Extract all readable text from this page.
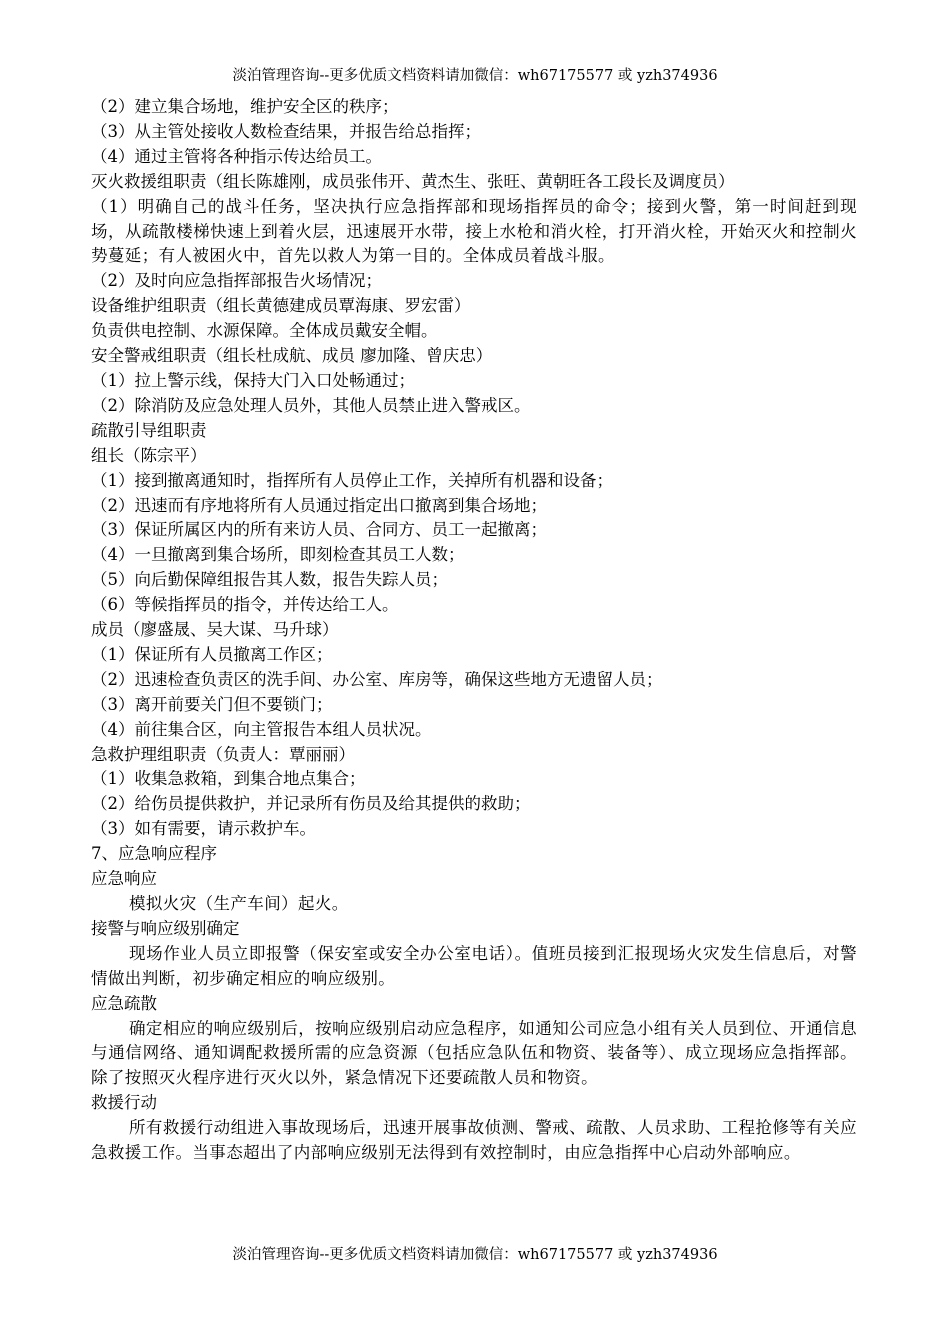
淡泊管理咨询--更多优质文档资料请加微信：wh67175577 或 yzh374936
（2）建立集合场地，维护安全区的秩序；
（3）从主管处接收人数检查结果，并报告给总指挥；
（4）通过主管将各种指示传达给员工。
灭火救援组职责（组长陈雄刚，成员张伟开、黄杰生、张旺、黄朝旺各工段长及调度员）
（1）明确自己的战斗任务，坚决执行应急指挥部和现场指挥员的命令；接到火警，第一时间赶到现场，从疏散楼梯快速上到着火层，迅速展开水带，接上水枪和消火栓，打开消火栓，开始灭火和控制火势蔓延；有人被困火中，首先以救人为第一目的。全体成员着战斗服。
（2）及时向应急指挥部报告火场情况；
设备维护组职责（组长黄德建成员覃海康、罗宏雷）
负责供电控制、水源保障。全体成员戴安全帽。
安全警戒组职责（组长杜成航、成员 廖加隆、曾庆忠）
（1）拉上警示线，保持大门入口处畅通过；
（2）除消防及应急处理人员外，其他人员禁止进入警戒区。
疏散引导组职责
组长（陈宗平）
（1）接到撤离通知时，指挥所有人员停止工作，关掉所有机器和设备；
（2）迅速而有序地将所有人员通过指定出口撤离到集合场地；
（3）保证所属区内的所有来访人员、合同方、员工一起撤离；
（4）一旦撤离到集合场所，即刻检查其员工人数；
（5）向后勤保障组报告其人数，报告失踪人员；
（6）等候指挥员的指令，并传达给工人。
成员（廖盛晟、吴大谋、马升球）
（1）保证所有人员撤离工作区；
（2）迅速检查负责区的洗手间、办公室、库房等，确保这些地方无遗留人员；
（3）离开前要关门但不要锁门；
（4）前往集合区，向主管报告本组人员状况。
急救护理组职责（负责人：覃丽丽）
（1）收集急救箱，到集合地点集合；
（2）给伤员提供救护，并记录所有伤员及给其提供的救助；
（3）如有需要，请示救护车。
7、应急响应程序
应急响应
模拟火灾（生产车间）起火。
接警与响应级别确定
现场作业人员立即报警（保安室或安全办公室电话）。值班员接到汇报现场火灾发生信息后，对警情做出判断，初步确定相应的响应级别。
应急疏散
确定相应的响应级别后，按响应级别启动应急程序，如通知公司应急小组有关人员到位、开通信息与通信网络、通知调配救援所需的应急资源（包括应急队伍和物资、装备等）、成立现场应急指挥部。除了按照灭火程序进行灭火以外，紧急情况下还要疏散人员和物资。
救援行动
所有救援行动组进入事故现场后，迅速开展事故侦测、警戒、疏散、人员求助、工程抢修等有关应急救援工作。当事态超出了内部响应级别无法得到有效控制时，由应急指挥中心启动外部响应。
淡泊管理咨询--更多优质文档资料请加微信：wh67175577 或 yzh374936
